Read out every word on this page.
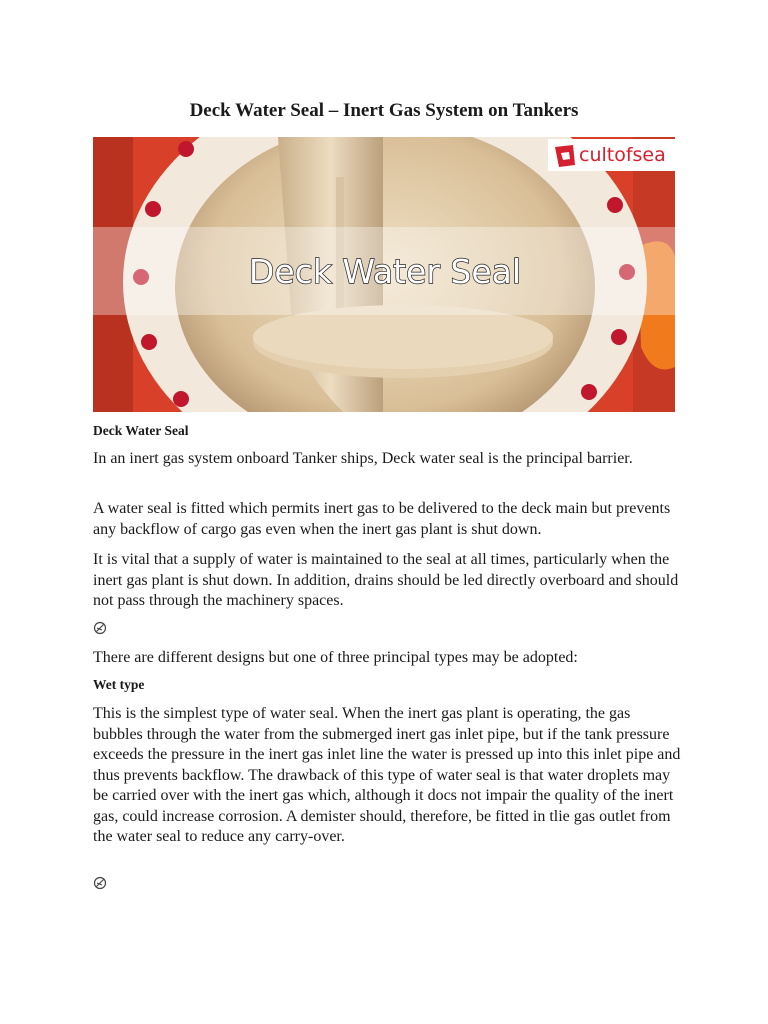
Deck Water Seal – Inert Gas System on Tankers
cultofsea
Deck Water Seal

Deck Water Seal

In an inert gas system onboard Tanker ships, Deck water seal is the principal barrier.

A water seal is fitted which permits inert gas to be delivered to the deck main but prevents any backflow of cargo gas even when the inert gas plant is shut down.

It is vital that a supply of water is maintained to the seal at all times, particularly when the inert gas plant is shut down. In addition, drains should be led directly overboard and should not pass through the machinery spaces.

There are different designs but one of three principal types may be adopted:

Wet type

This is the simplest type of water seal. When the inert gas plant is operating, the gas bubbles through the water from the submerged inert gas inlet pipe, but if the tank pressure exceeds the pressure in the inert gas inlet line the water is pressed up into this inlet pipe and thus prevents backflow. The drawback of this type of water seal is that water droplets may be carried over with the inert gas which, although it docs not impair the quality of the inert gas, could increase corrosion. A demister should, therefore, be fitted in tlie gas outlet from the water seal to reduce any carry-over.
